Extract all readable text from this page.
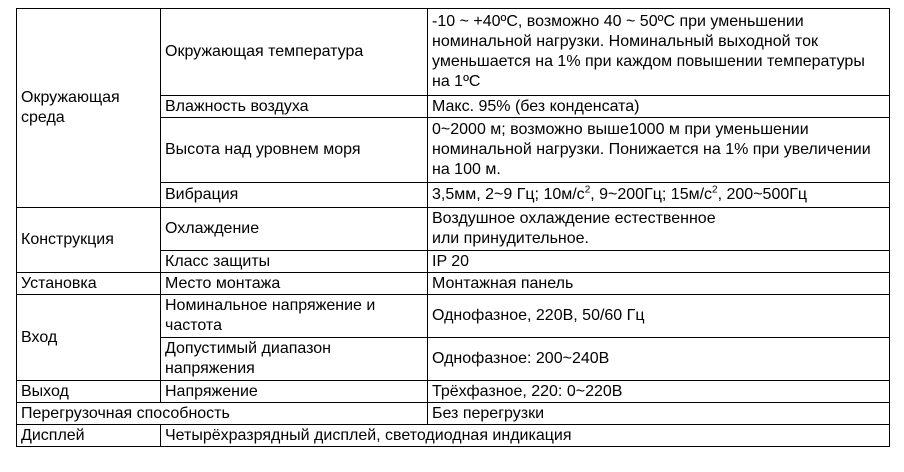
Окружающая среда	Окружающая температура	-10 ~ +40ºС, возможно 40 ~ 50ºС при уменьшении номинальной нагрузки. Номинальный выходной ток уменьшается на 1% при каждом повышении температуры на 1ºС
	Влажность воздуха	Макс. 95% (без конденсата)
	Высота над уровнем моря	0~2000 м; возможно выше1000 м при уменьшении номинальной нагрузки. Понижается на 1% при увеличении на 100 м.
	Вибрация	3,5мм, 2~9 Гц; $10м/с^2$, 9~200Гц; $15м/с^2$, 200~500Гц
Конструкция	Охлаждение	Воздушное охлаждение естественное
или принудительное.

	Класс защиты	IP 20
Установка	Место монтажа	Монтажная панель
Вход	Номинальное напряжение и частота	Однофазное, 220В, 50/60 Гц
	Допустимый диапазон напряжения	Однофазное: 200~240В
Выход	Напряжение	Трёхфазное, 220: 0~220В
Перегрузочная способность		Без перегрузки
Дисплей	Четырёхразрядный дисплей, светодиодная индикация	
